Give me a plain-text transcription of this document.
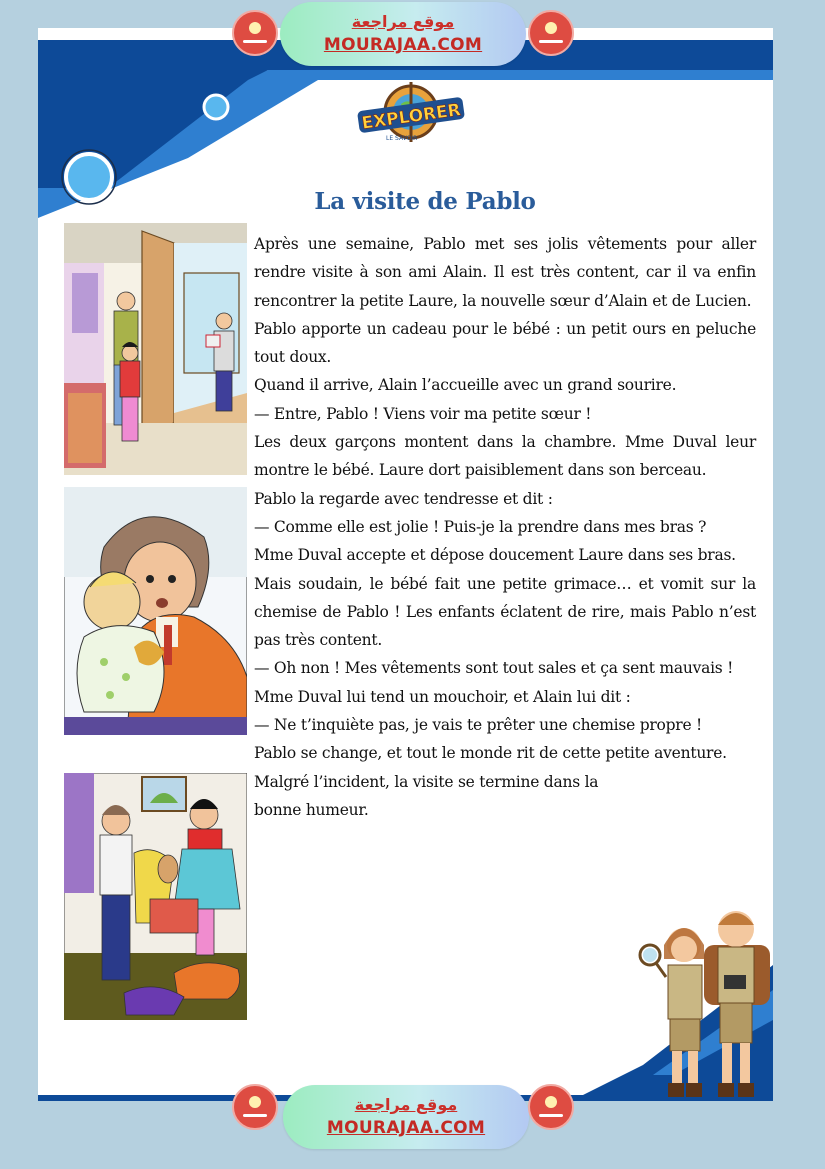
موقع مراجعة
MOURAJAA.COM
EXPLORER
LE SAVOIR
La visite de Pablo

Après une semaine, Pablo met ses jolis vêtements pour aller rendre visite à son ami Alain. Il est très content, car il va enfin rencontrer la petite Laure, la nouvelle sœur d’Alain et de Lucien.

Pablo apporte un cadeau pour le bébé : un petit ours en peluche tout doux.

Quand il arrive, Alain l’accueille avec un grand sourire.

— Entre, Pablo ! Viens voir ma petite sœur !

Les deux garçons montent dans la chambre. Mme Duval leur montre le bébé. Laure dort paisiblement dans son berceau.

Pablo la regarde avec tendresse et dit :

— Comme elle est jolie ! Puis-je la prendre dans mes bras ?

Mme Duval accepte et dépose doucement Laure dans ses bras.

Mais soudain, le bébé fait une petite grimace… et vomit sur la chemise de Pablo ! Les enfants éclatent de rire, mais Pablo n’est pas très content.

— Oh non ! Mes vêtements sont tout sales et ça sent mauvais !

Mme Duval lui tend un mouchoir, et Alain lui dit :

— Ne t’inquiète pas, je vais te prêter une chemise propre !

Pablo se change, et tout le monde rit de cette petite aventure.

Malgré l’incident, la visite se termine dans la bonne humeur.

موقع مراجعة
MOURAJAA.COM
